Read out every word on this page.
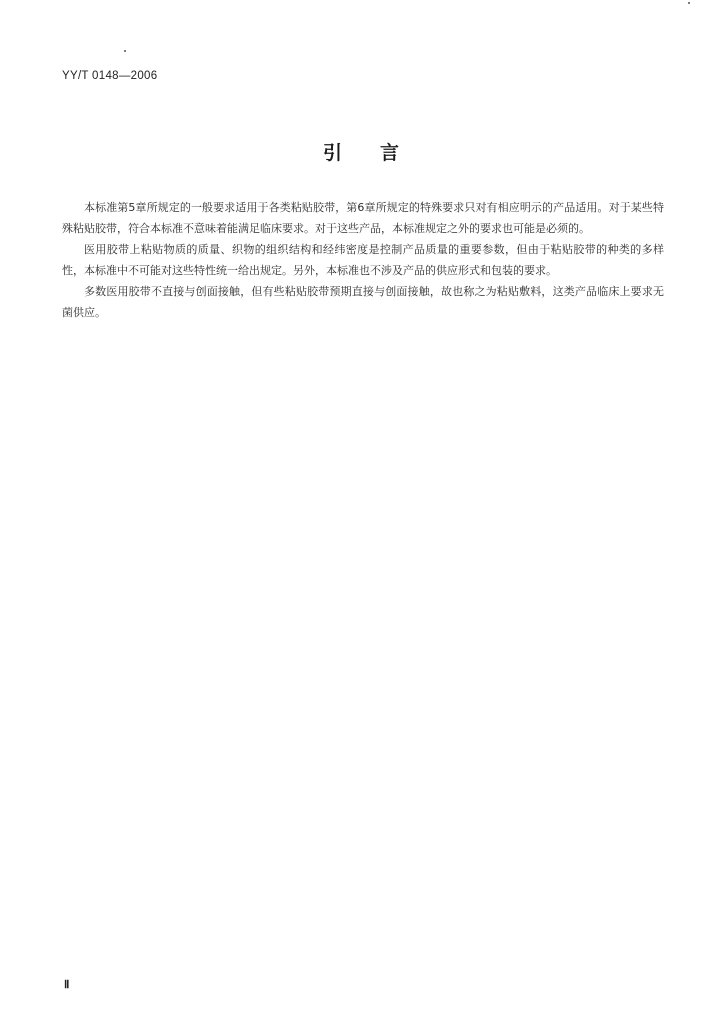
YY/T 0148—2006
引言

本标准第5章所规定的一般要求适用于各类粘贴胶带，第6章所规定的特殊要求只对有相应明示的产品适用。对于某些特殊粘贴胶带，符合本标准不意味着能满足临床要求。对于这些产品，本标准规定之外的要求也可能是必须的。

医用胶带上粘贴物质的质量、织物的组织结构和经纬密度是控制产品质量的重要参数，但由于粘贴胶带的种类的多样性，本标准中不可能对这些特性统一给出规定。另外，本标准也不涉及产品的供应形式和包装的要求。

多数医用胶带不直接与创面接触，但有些粘贴胶带预期直接与创面接触，故也称之为粘贴敷料，这类产品临床上要求无菌供应。

Ⅱ
